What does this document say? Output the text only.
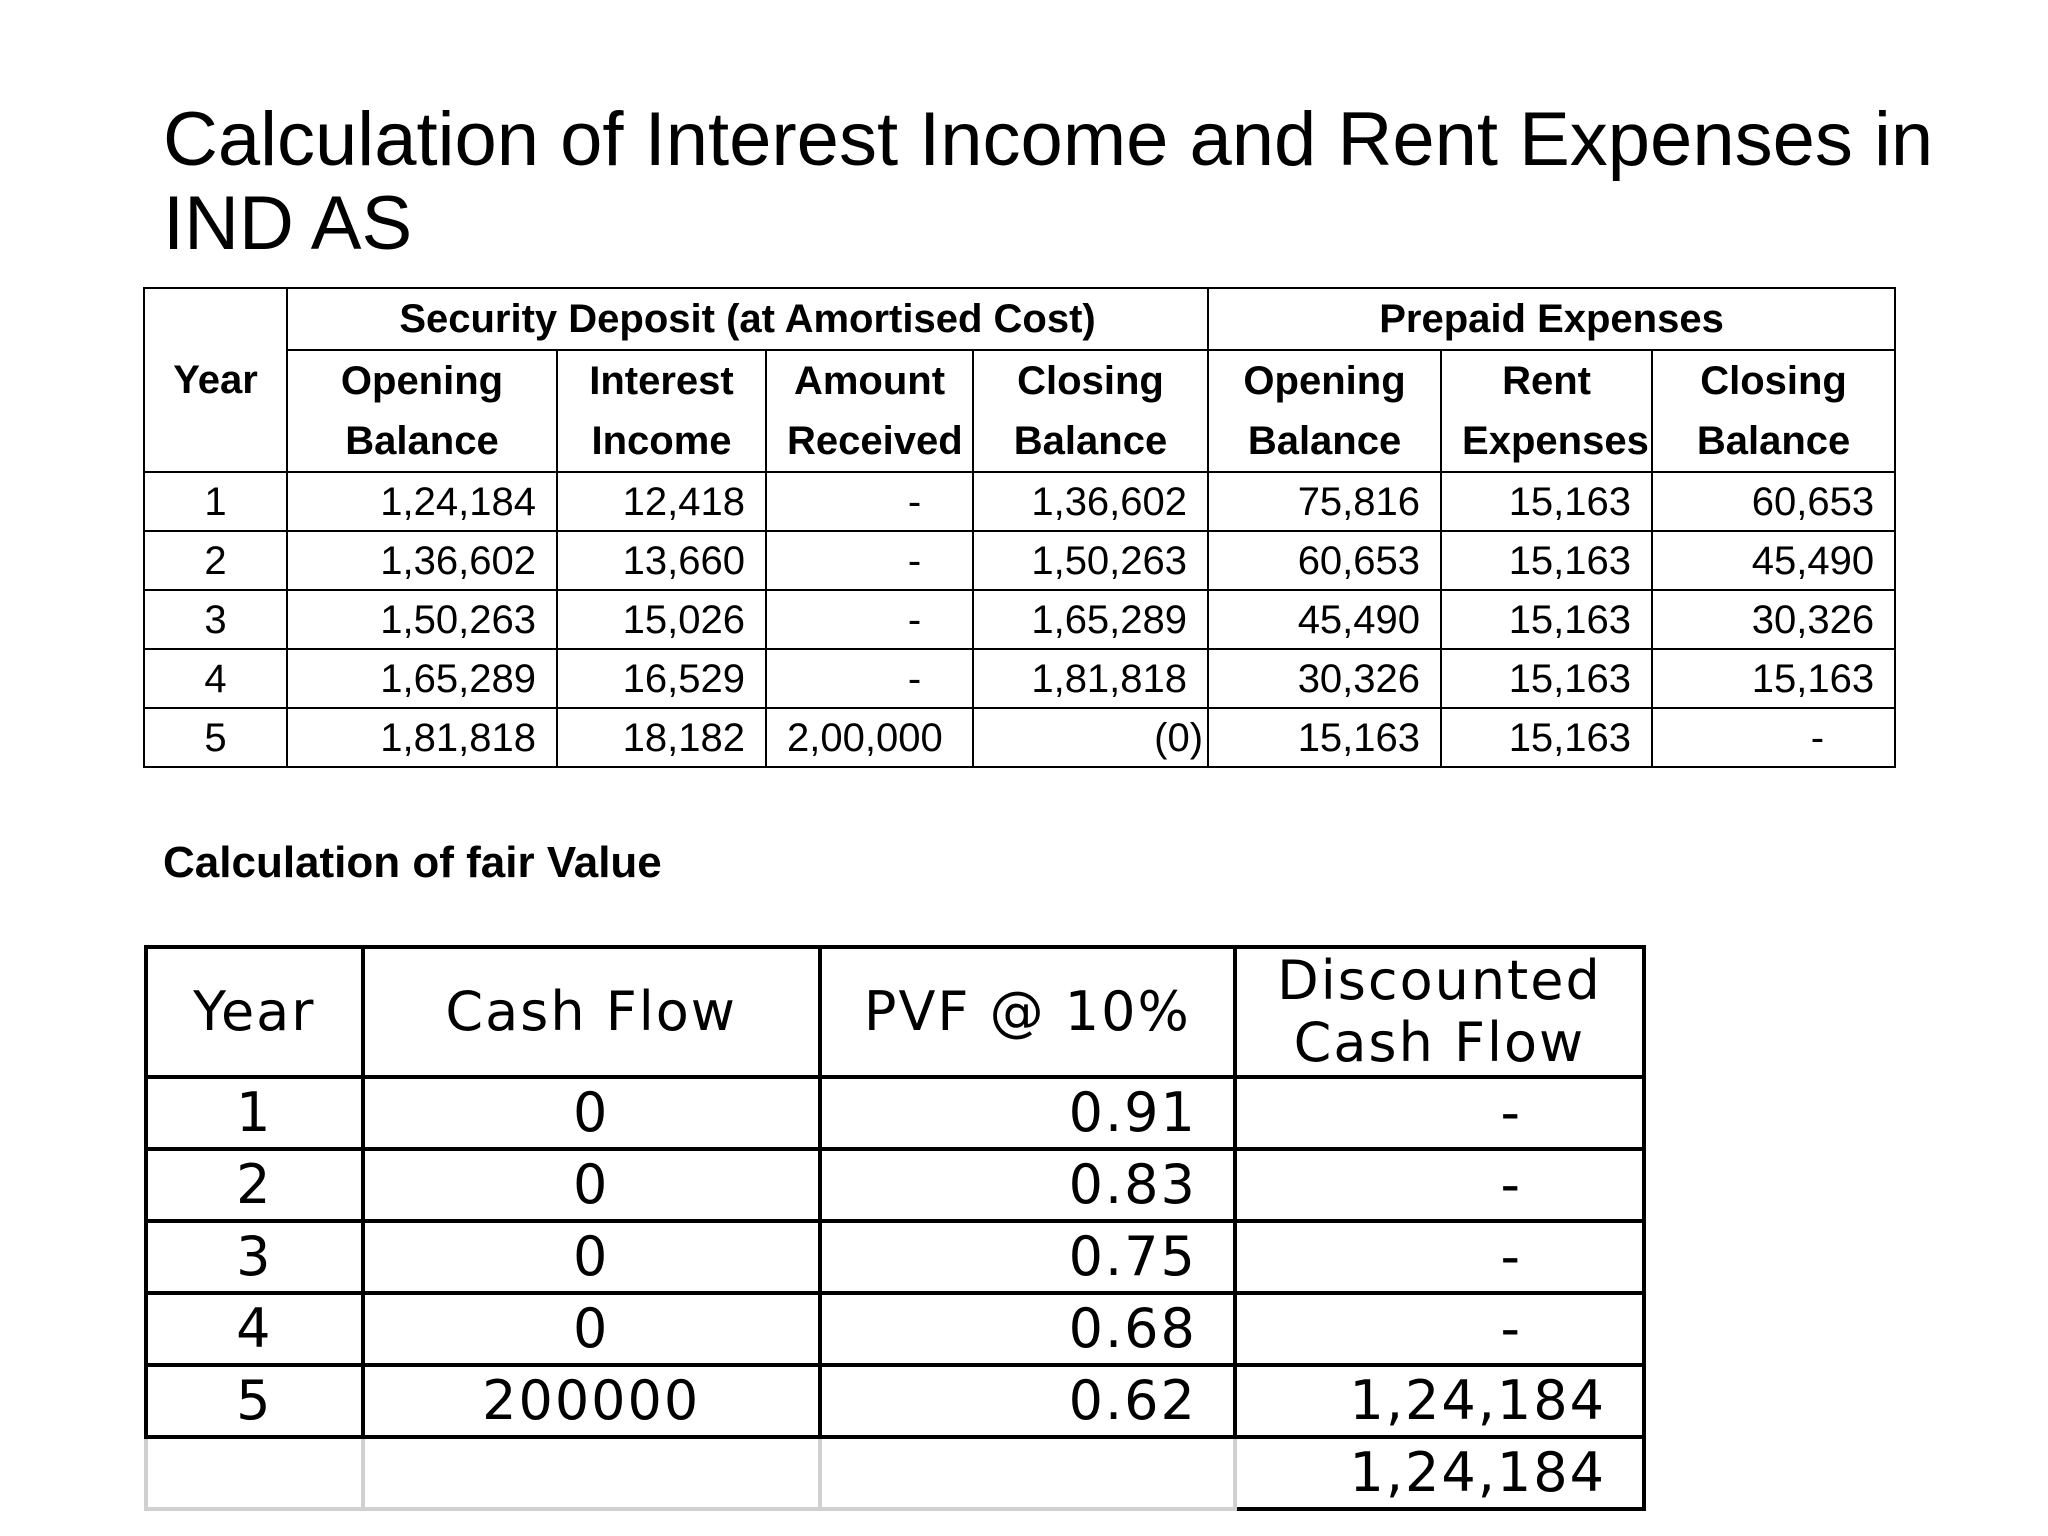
Calculation of Interest Income and Rent Expenses in IND AS
Year	Security Deposit (at Amortised Cost)				Prepaid Expenses		
	Opening	Interest	Amount	Closing	Opening	Rent	Closing
	Balance	Income	Received	Balance	Balance	Expenses	Balance
1	1,24,184	12,418	-	1,36,602	75,816	15,163	60,653
2	1,36,602	13,660	-	1,50,263	60,653	15,163	45,490
3	1,50,263	15,026	-	1,65,289	45,490	15,163	30,326
4	1,65,289	16,529	-	1,81,818	30,326	15,163	15,163
5	1,81,818	18,182	2,00,000	(0)	15,163	15,163	-
Calculation of fair Value
Year	Cash Flow	PVF @ 10%	Discounted Cash Flow
1	0	0.91	-
2	0	0.83	-
3	0	0.75	-
4	0	0.68	-
5	200000	0.62	1,24,184
			1,24,184
